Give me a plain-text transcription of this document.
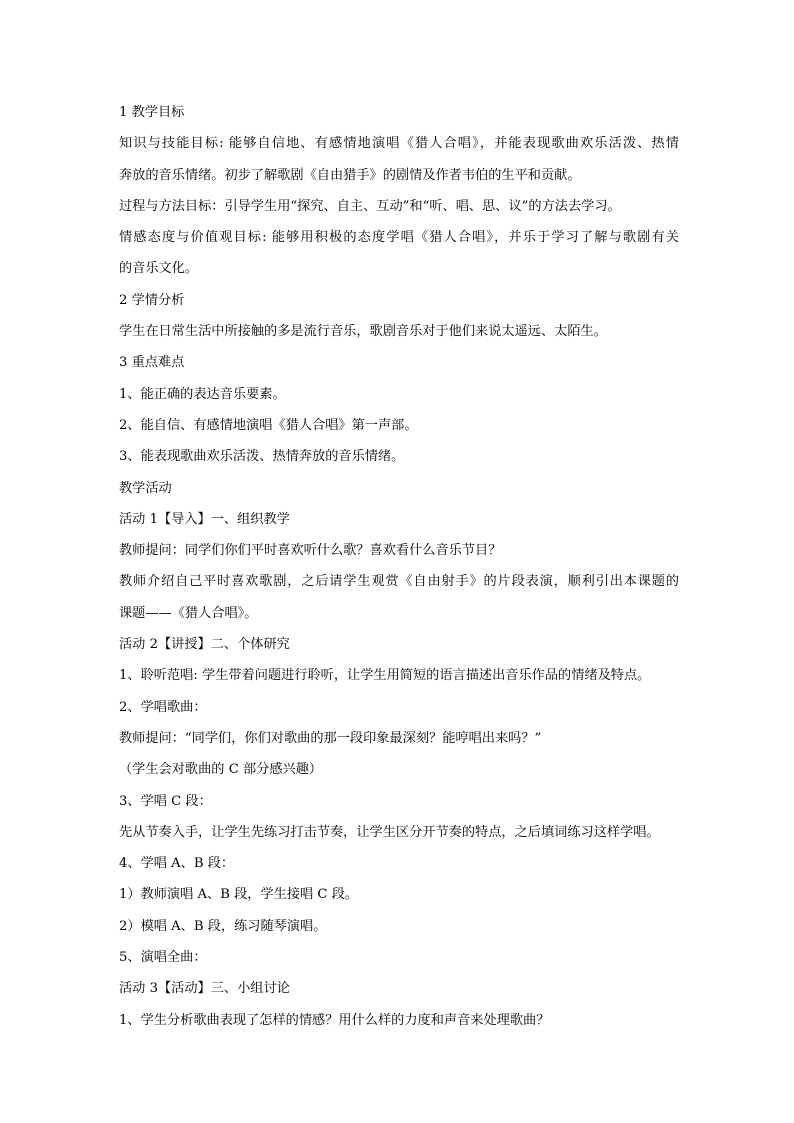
1 教学目标
知识与技能目标: 能够自信地、有感情地演唱《猎人合唱》，并能表现歌曲欢乐活泼、热情
奔放的音乐情绪。初步了解歌剧《自由猎手》的剧情及作者韦伯的生平和贡献。
过程与方法目标：引导学生用“探究、自主、互动”和“听、唱、思、议”的方法去学习。
情感态度与价值观目标: 能够用积极的态度学唱《猎人合唱》，并乐于学习了解与歌剧有关
的音乐文化。
2 学情分析
学生在日常生活中所接触的多是流行音乐，歌剧音乐对于他们来说太遥远、太陌生。
3 重点难点
1、能正确的表达音乐要素。
2、能自信、有感情地演唱《猎人合唱》第一声部。
3、能表现歌曲欢乐活泼、热情奔放的音乐情绪。
教学活动
活动 1【导入】一、组织教学
教师提问：同学们你们平时喜欢听什么歌？喜欢看什么音乐节目？
教师介绍自己平时喜欢歌剧，之后请学生观赏《自由射手》的片段表演，顺利引出本课题的
课题——《猎人合唱》。
活动 2【讲授】二、个体研究
1、聆听范唱: 学生带着问题进行聆听，让学生用简短的语言描述出音乐作品的情绪及特点。
2、学唱歌曲：
教师提问：“同学们，你们对歌曲的那一段印象最深刻？能哼唱出来吗？”
（学生会对歌曲的 C 部分感兴趣）
3、学唱 C 段：
先从节奏入手，让学生先练习打击节奏，让学生区分开节奏的特点，之后填词练习这样学唱。
4、学唱 A、B 段：
1）教师演唱 A、B 段，学生接唱 C 段。
2）模唱 A、B 段，练习随琴演唱。
5、演唱全曲：
活动 3【活动】三、小组讨论
1、学生分析歌曲表现了怎样的情感？用什么样的力度和声音来处理歌曲？
